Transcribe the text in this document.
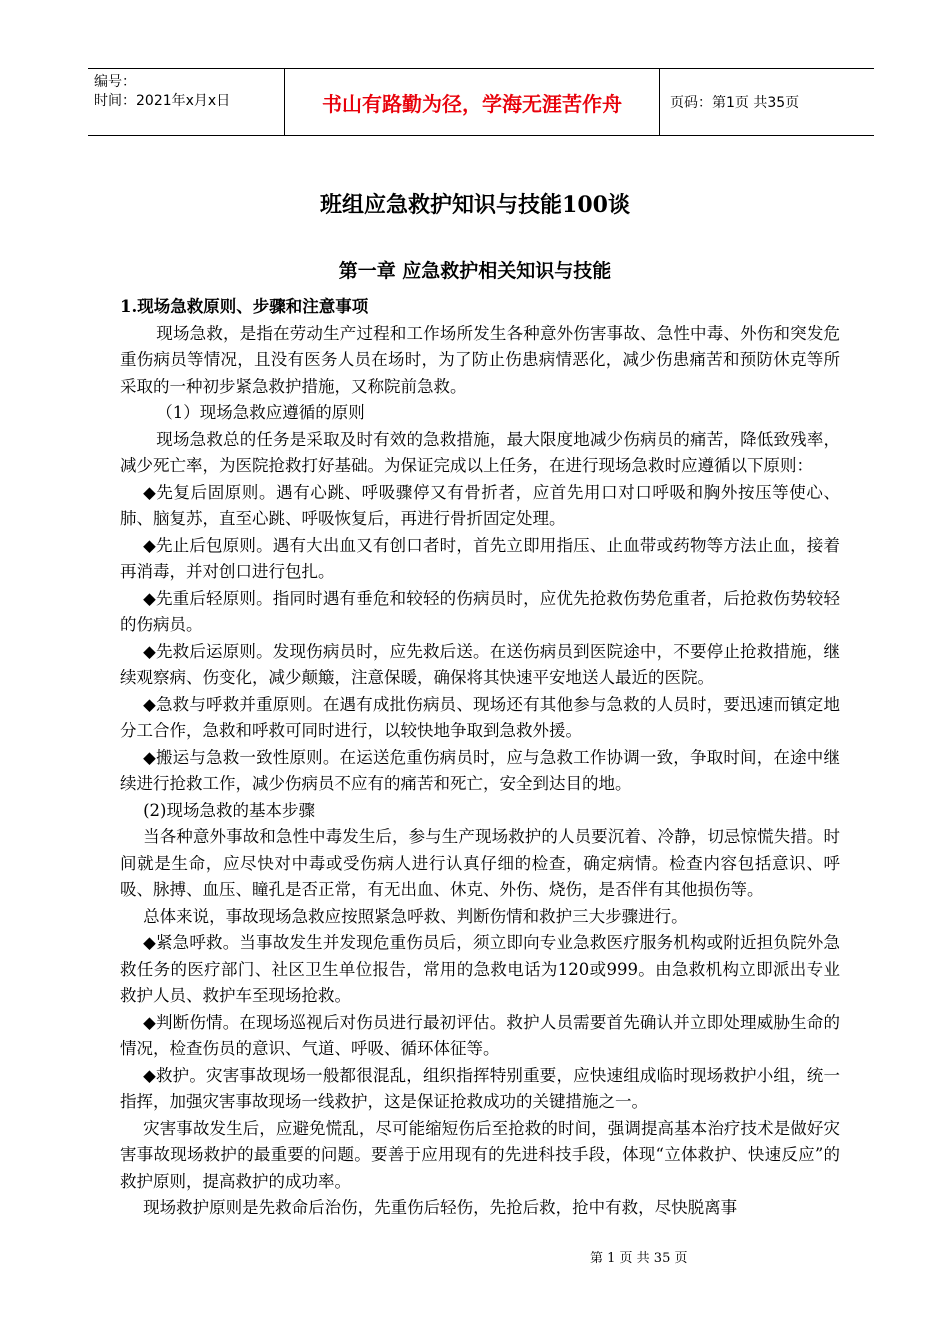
编号：
时间：2021年x月x日	书山有路勤为径，学海无涯苦作舟	页码：第1页 共35页
班组应急救护知识与技能100谈
第一章 应急救护相关知识与技能

1.现场急救原则、步骤和注意事项

现场急救，是指在劳动生产过程和工作场所发生各种意外伤害事故、急性中毒、外伤和突发危重伤病员等情况，且没有医务人员在场时，为了防止伤患病情恶化，减少伤患痛苦和预防休克等所采取的一种初步紧急救护措施，又称院前急救。

（1）现场急救应遵循的原则

现场急救总的任务是采取及时有效的急救措施，最大限度地减少伤病员的痛苦，降低致残率，减少死亡率，为医院抢救打好基础。为保证完成以上任务，在进行现场急救时应遵循以下原则：

◆先复后固原则。遇有心跳、呼吸骤停又有骨折者，应首先用口对口呼吸和胸外按压等使心、肺、脑复苏，直至心跳、呼吸恢复后，再进行骨折固定处理。

◆先止后包原则。遇有大出血又有创口者时，首先立即用指压、止血带或药物等方法止血，接着再消毒，并对创口进行包扎。

◆先重后轻原则。指同时遇有垂危和较轻的伤病员时，应优先抢救伤势危重者，后抢救伤势较轻的伤病员。

◆先救后运原则。发现伤病员时，应先救后送。在送伤病员到医院途中，不要停止抢救措施，继续观察病、伤变化，减少颠簸，注意保暖，确保将其快速平安地送人最近的医院。

◆急救与呼救并重原则。在遇有成批伤病员、现场还有其他参与急救的人员时，要迅速而镇定地分工合作，急救和呼救可同时进行，以较快地争取到急救外援。

◆搬运与急救一致性原则。在运送危重伤病员时，应与急救工作协调一致，争取时间，在途中继续进行抢救工作，减少伤病员不应有的痛苦和死亡，安全到达目的地。

(2)现场急救的基本步骤

当各种意外事故和急性中毒发生后，参与生产现场救护的人员要沉着、冷静，切忌惊慌失措。时间就是生命，应尽快对中毒或受伤病人进行认真仔细的检查，确定病情。检查内容包括意识、呼吸、脉搏、血压、瞳孔是否正常，有无出血、休克、外伤、烧伤，是否伴有其他损伤等。

总体来说，事故现场急救应按照紧急呼救、判断伤情和救护三大步骤进行。

◆紧急呼救。当事故发生并发现危重伤员后，须立即向专业急救医疗服务机构或附近担负院外急救任务的医疗部门、社区卫生单位报告，常用的急救电话为120或999。由急救机构立即派出专业救护人员、救护车至现场抢救。

◆判断伤情。在现场巡视后对伤员进行最初评估。救护人员需要首先确认并立即处理威胁生命的情况，检查伤员的意识、气道、呼吸、循环体征等。

◆救护。灾害事故现场一般都很混乱，组织指挥特别重要，应快速组成临时现场救护小组，统一指挥，加强灾害事故现场一线救护，这是保证抢救成功的关键措施之一。

灾害事故发生后，应避免慌乱，尽可能缩短伤后至抢救的时间，强调提高基本治疗技术是做好灾害事故现场救护的最重要的问题。要善于应用现有的先进科技手段，体现“立体救护、快速反应”的救护原则，提高救护的成功率。

现场救护原则是先救命后治伤，先重伤后轻伤，先抢后救，抢中有救，尽快脱离事

第 1 页 共 35 页
